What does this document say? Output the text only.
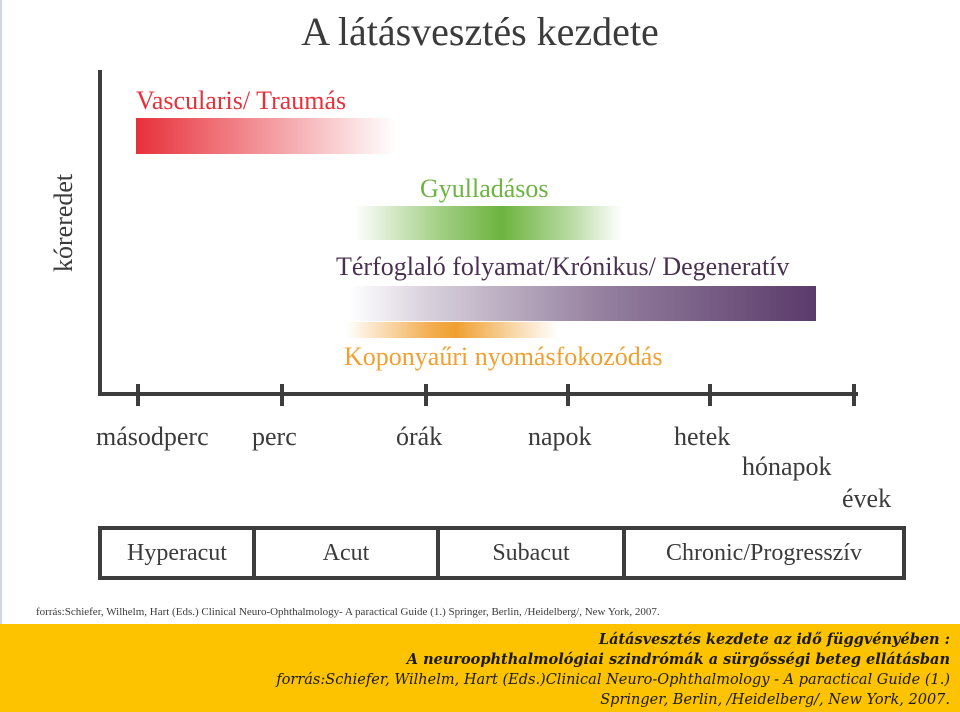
A látásvesztés kezdete
kóreredet
Vascularis/ Traumás
Gyulladásos
Térfoglaló folyamat/Krónikus/ Degeneratív
Koponyaűri nyomásfokozódás
másodperc perc	órák	napok	hetek
hónapok
évek
Hyperacut	Acut	Subacut	Chronic/Progresszív
forrás:Schiefer, Wilhelm, Hart (Eds.) Clinical Neuro-Ophthalmology- A paractical Guide (1.) Springer, Berlin, /Heidelberg/, New York, 2007.
Látásvesztés kezdete az idő függvényében :
A neuroophthalmológiai szindrómák a sürgősségi beteg ellátásban
forrás:Schiefer, Wilhelm, Hart (Eds.)Clinical Neuro-Ophthalmology - A paractical Guide (1.)
Springer, Berlin, /Heidelberg/, New York, 2007.
